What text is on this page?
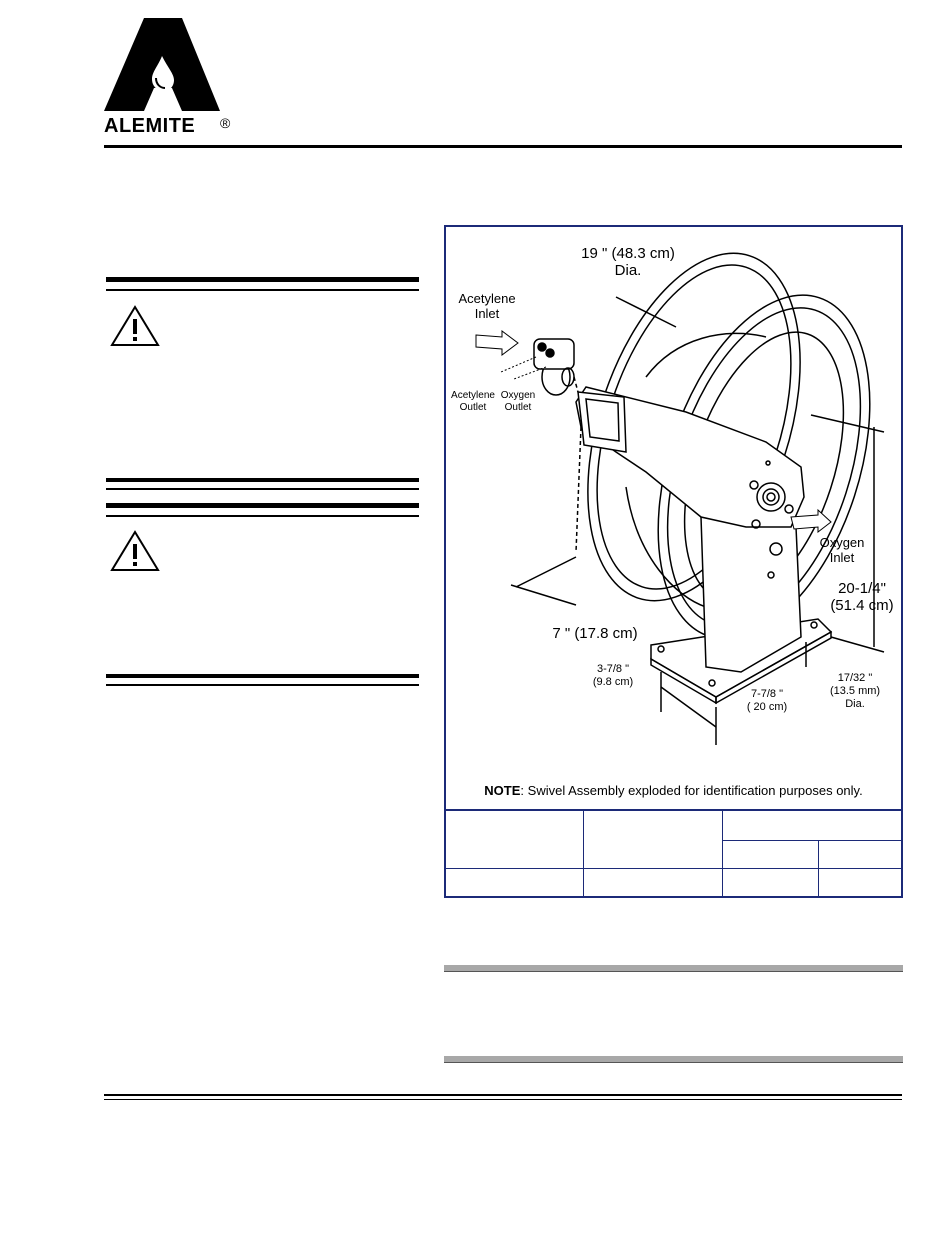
ALEMITE ®
19 " (48.3 cm)
Dia.
Acetylene
Inlet
Acetylene
Outlet
Oxygen
Outlet
Oxygen
Inlet
20-1/4"
(51.4 cm)
7 " (17.8 cm)
3-7/8 "
(9.8 cm)
7-7/8 "
( 20 cm)
17/32 "
(13.5 mm)
Dia.
NOTE: Swivel Assembly exploded for identification purposes only.
